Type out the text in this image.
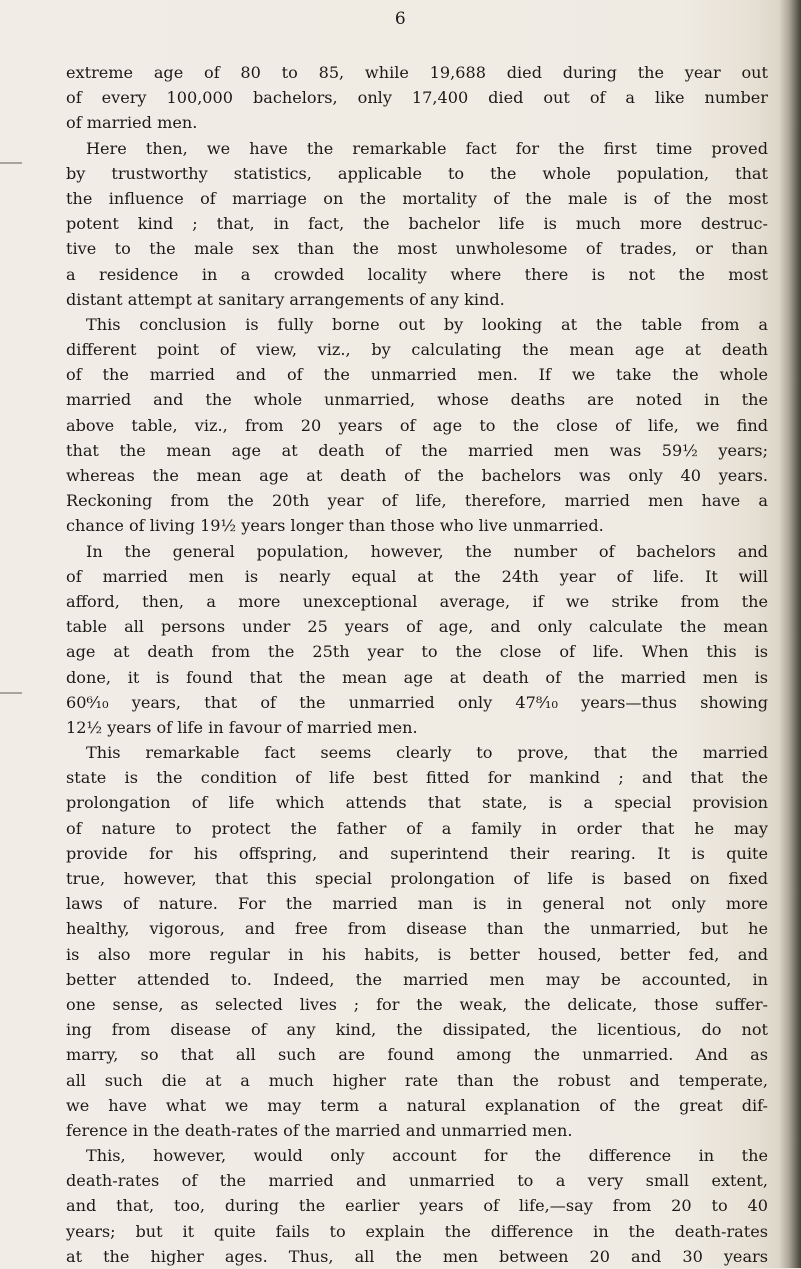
6
extreme age of 80 to 85, while 19,688 died during the year out
of every 100,000 bachelors, only 17,400 died out of a like number
of married men.
Here then, we have the remarkable fact for the first time proved
by trustworthy statistics, applicable to the whole population, that
the influence of marriage on the mortality of the male is of the most
potent kind ; that, in fact, the bachelor life is much more destruc-
tive to the male sex than the most unwholesome of trades, or than
a residence in a crowded locality where there is not the most
distant attempt at sanitary arrangements of any kind.
This conclusion is fully borne out by looking at the table from a
different point of view, viz., by calculating the mean age at death
of the married and of the unmarried men. If we take the whole
married and the whole unmarried, whose deaths are noted in the
above table, viz., from 20 years of age to the close of life, we find
that the mean age at death of the married men was 59½ years;
whereas the mean age at death of the bachelors was only 40 years.
Reckoning from the 20th year of life, therefore, married men have a
chance of living 19½ years longer than those who live unmarried.
In the general population, however, the number of bachelors and
of married men is nearly equal at the 24th year of life. It will
afford, then, a more unexceptional average, if we strike from the
table all persons under 25 years of age, and only calculate the mean
age at death from the 25th year to the close of life. When this is
done, it is found that the mean age at death of the married men is
60⁶⁄₁₀ years, that of the unmarried only 47⁸⁄₁₀ years—thus showing
12½ years of life in favour of married men.
This remarkable fact seems clearly to prove, that the married
state is the condition of life best fitted for mankind ; and that the
prolongation of life which attends that state, is a special provision
of nature to protect the father of a family in order that he may
provide for his offspring, and superintend their rearing. It is quite
true, however, that this special prolongation of life is based on fixed
laws of nature. For the married man is in general not only more
healthy, vigorous, and free from disease than the unmarried, but he
is also more regular in his habits, is better housed, better fed, and
better attended to. Indeed, the married men may be accounted, in
one sense, as selected lives ; for the weak, the delicate, those suffer-
ing from disease of any kind, the dissipated, the licentious, do not
marry, so that all such are found among the unmarried. And as
all such die at a much higher rate than the robust and temperate,
we have what we may term a natural explanation of the great dif-
ference in the death-rates of the married and unmarried men.
This, however, would only account for the difference in the
death-rates of the married and unmarried to a very small extent,
and that, too, during the earlier years of life,—say from 20 to 40
years; but it quite fails to explain the difference in the death-rates
at the higher ages. Thus, all the men between 20 and 30 years
